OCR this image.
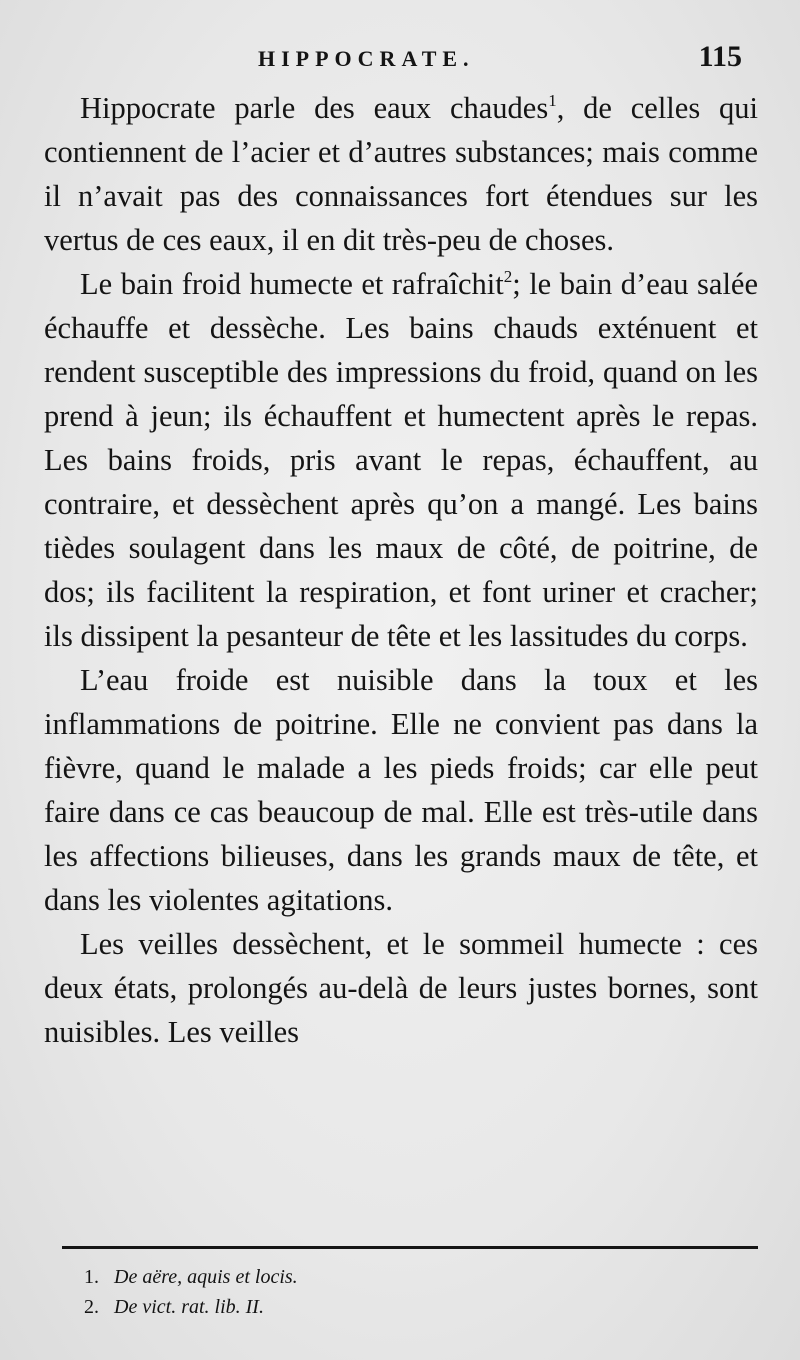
HIPPOCRATE.	115

Hippocrate parle des eaux chaudes$^1$, de celles qui contiennent de l’acier et d’autres substances; mais comme il n’avait pas des connaissances fort étendues sur les vertus de ces eaux, il en dit très-peu de choses.

Le bain froid humecte et rafraîchit$^2$; le bain d’eau salée échauffe et dessèche. Les bains chauds exténuent et rendent susceptible des impressions du froid, quand on les prend à jeun; ils échauffent et humectent après le repas. Les bains froids, pris avant le repas, échauffent, au contraire, et dessèchent après qu’on a mangé. Les bains tièdes soulagent dans les maux de côté, de poitrine, de dos; ils facilitent la respiration, et font uriner et cracher; ils dissipent la pesanteur de tête et les lassitudes du corps.

L’eau froide est nuisible dans la toux et les inflammations de poitrine. Elle ne convient pas dans la fièvre, quand le malade a les pieds froids; car elle peut faire dans ce cas beaucoup de mal. Elle est très-utile dans les affections bilieuses, dans les grands maux de tête, et dans les violentes agitations.

Les veilles dessèchent, et le sommeil humecte : ces deux états, prolongés au-delà de leurs justes bornes, sont nuisibles. Les veilles

1. De aëre, aquis et locis.
2. De vict. rat. lib. II.
